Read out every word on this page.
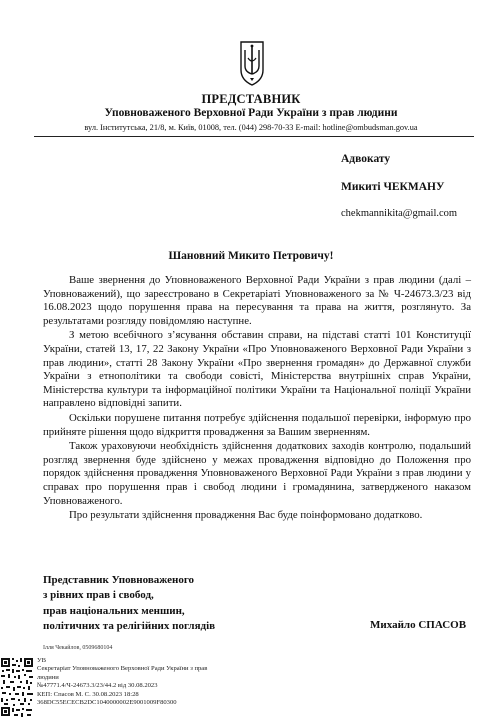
ПРЕДСТАВНИК
Уповноваженого Верховної Ради України з прав людини
вул. Інститутська, 21/8, м. Київ, 01008, тел. (044) 298-70-33 E-mail: hotline@ombudsman.gov.ua
Адвокату
Микиті ЧЕКМАНУ
chekmannikita@gmail.com
Шановний Микито Петровичу!

Ваше звернення до Уповноваженого Верховної Ради України з прав людини (далі – Уповноважений), що зареєстровано в Секретаріаті Уповноваженого за № Ч-24673.3/23 від 16.08.2023 щодо порушення права на пересування та права на життя, розглянуто. За результатами розгляду повідомляю наступне.

З метою всебічного з’ясування обставин справи, на підставі статті 101 Конституції України, статей 13, 17, 22 Закону України «Про Уповноваженого Верховної Ради України з прав людини», статті 28 Закону України «Про звернення громадян» до Державної служби України з етнополітики та свободи совісті, Міністерства внутрішніх справ України, Міністерства культури та інформаційної політики України та Національної поліції України направлено відповідні запити.

Оскільки порушене питання потребує здійснення подальшої перевірки, інформую про прийняте рішення щодо відкриття провадження за Вашим зверненням.

Також ураховуючи необхідність здійснення додаткових заходів контролю, подальший розгляд звернення буде здійснено у межах провадження відповідно до Положення про порядок здійснення провадження Уповноваженого Верховної Ради України з прав людини у справах про порушення прав і свобод людини і громадянина, затвердженого наказом Уповноваженого.

Про результати здійснення провадження Вас буде поінформовано додатково.

Представник Уповноваженого
з рівних прав і свобод,
прав національних меншин,
політичних та релігійних поглядів	Михайло СПАСОВ
Ілля Чекайлов, 0509680104
УВ
Секретаріат Уповноваженого Верховної Ради України з прав
людини
№47771.4/Ч-24673.3/23/44.2 від 30.08.2023
КЕП: Спасов М. С. 30.08.2023 18:28
368DC55ECECB2DC1040000002E9001009F80300
